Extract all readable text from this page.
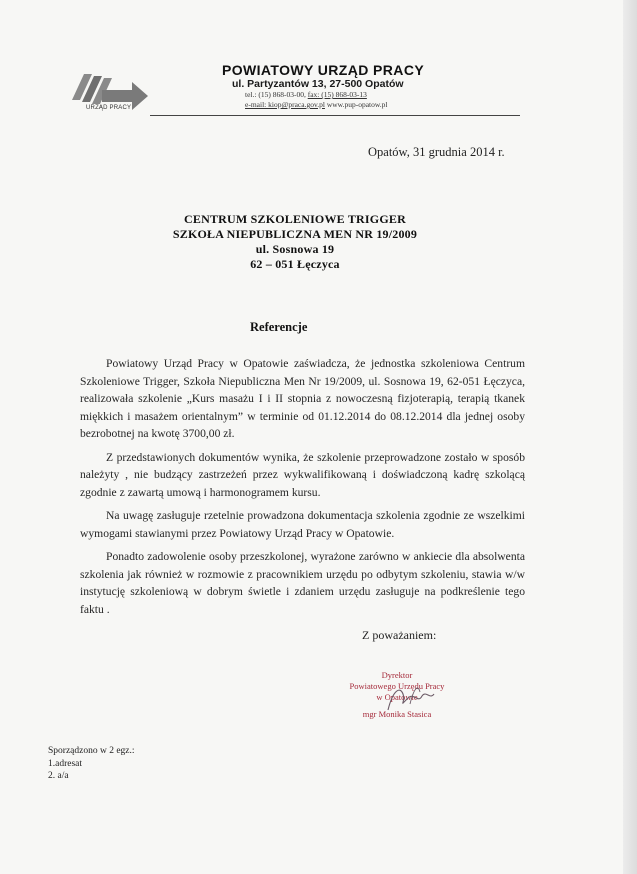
URZĄD PRACY
POWIATOWY URZĄD PRACY
ul. Partyzantów 13, 27-500 Opatów
tel.: (15) 868-03-00, fax: (15) 868-03-13
e-mail: kiop@praca.gov.pl www.pup-opatow.pl
Opatów, 31 grudnia 2014 r.
CENTRUM SZKOLENIOWE TRIGGER
SZKOŁA NIEPUBLICZNA MEN NR 19/2009
ul. Sosnowa 19
62 – 051 Łęczyca
Referencje

Powiatowy Urząd Pracy w Opatowie zaświadcza, że jednostka szkoleniowa Centrum Szkoleniowe Trigger, Szkoła Niepubliczna Men Nr 19/2009, ul. Sosnowa 19, 62-051 Łęczyca, realizowała szkolenie „Kurs masażu I i II stopnia z nowoczesną fizjoterapią, terapią tkanek miękkich i masażem orientalnym” w terminie od 01.12.2014 do 08.12.2014 dla jednej osoby bezrobotnej na kwotę 3700,00 zł.

Z przedstawionych dokumentów wynika, że szkolenie przeprowadzone zostało w sposób należyty , nie budzący zastrzeżeń przez wykwalifikowaną i doświadczoną kadrę szkolącą zgodnie z zawartą umową i harmonogramem kursu.

Na uwagę zasługuje rzetelnie prowadzona dokumentacja szkolenia zgodnie ze wszelkimi wymogami stawianymi przez Powiatowy Urząd Pracy w Opatowie.

Ponadto zadowolenie osoby przeszkolonej, wyrażone zarówno w ankiecie dla absolwenta szkolenia jak również w rozmowie z pracownikiem urzędu po odbytym szkoleniu, stawia w/w instytucję szkoleniową w dobrym świetle i zdaniem urzędu zasługuje na podkreślenie tego faktu .

Z poważaniem:
Dyrektor
Powiatowego Urzędu Pracy
w Opatowie
mgr Monika Stasica
Sporządzono w 2 egz.:
1.adresat
2. a/a
